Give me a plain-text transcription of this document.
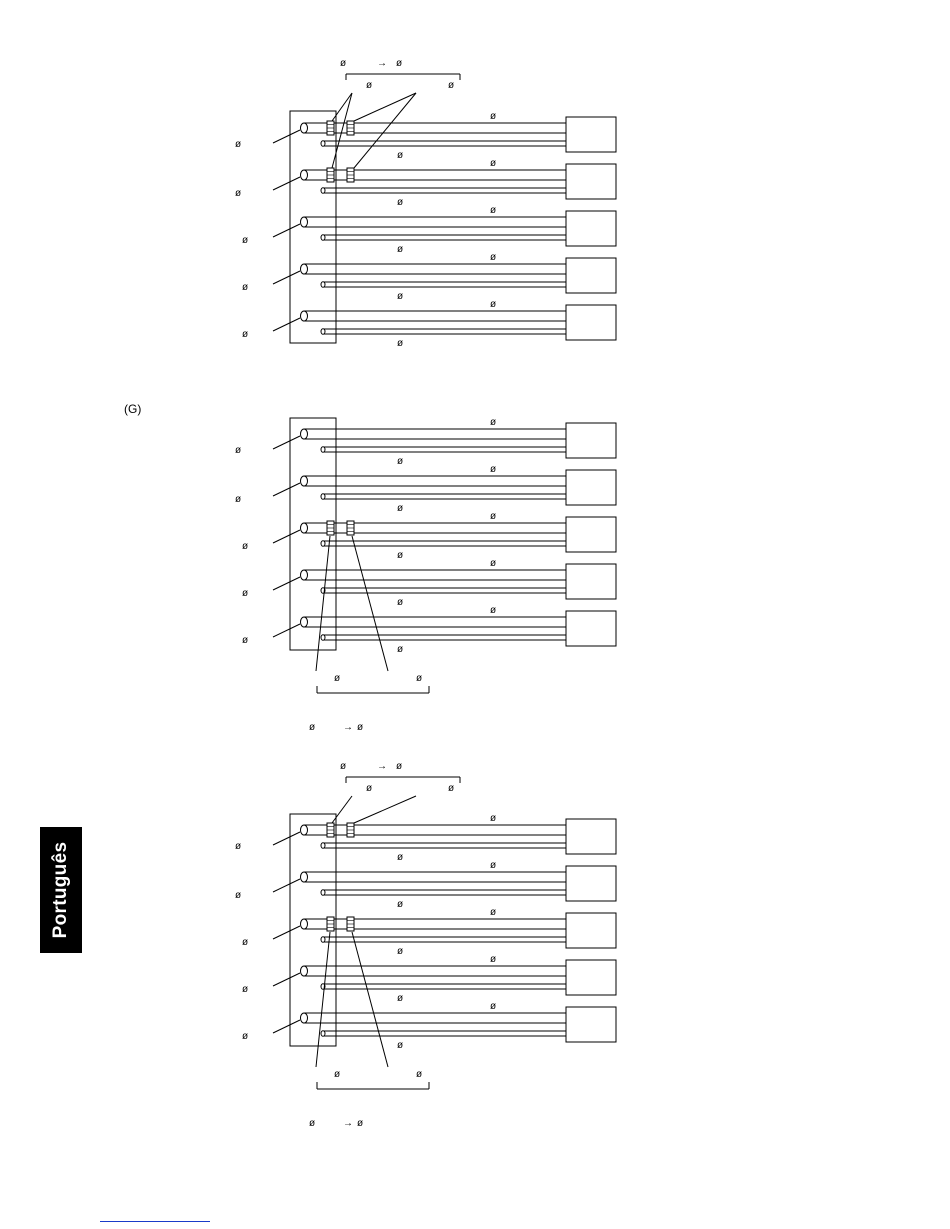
ø
ø
ø
ø
ø
ø
ø
ø
ø
ø
ø
ø
ø
ø
ø
ø	→ ø
ø	ø
ø
ø
ø
ø
ø
ø
ø
ø
ø
ø
ø
ø
ø
ø
ø
ø	ø
ø	→ ø
ø
ø
ø
ø
ø
ø
ø
ø
ø
ø
ø
ø
ø
ø
ø
ø	→ ø
ø	ø
ø	ø
ø	→ ø
(G)
Português
